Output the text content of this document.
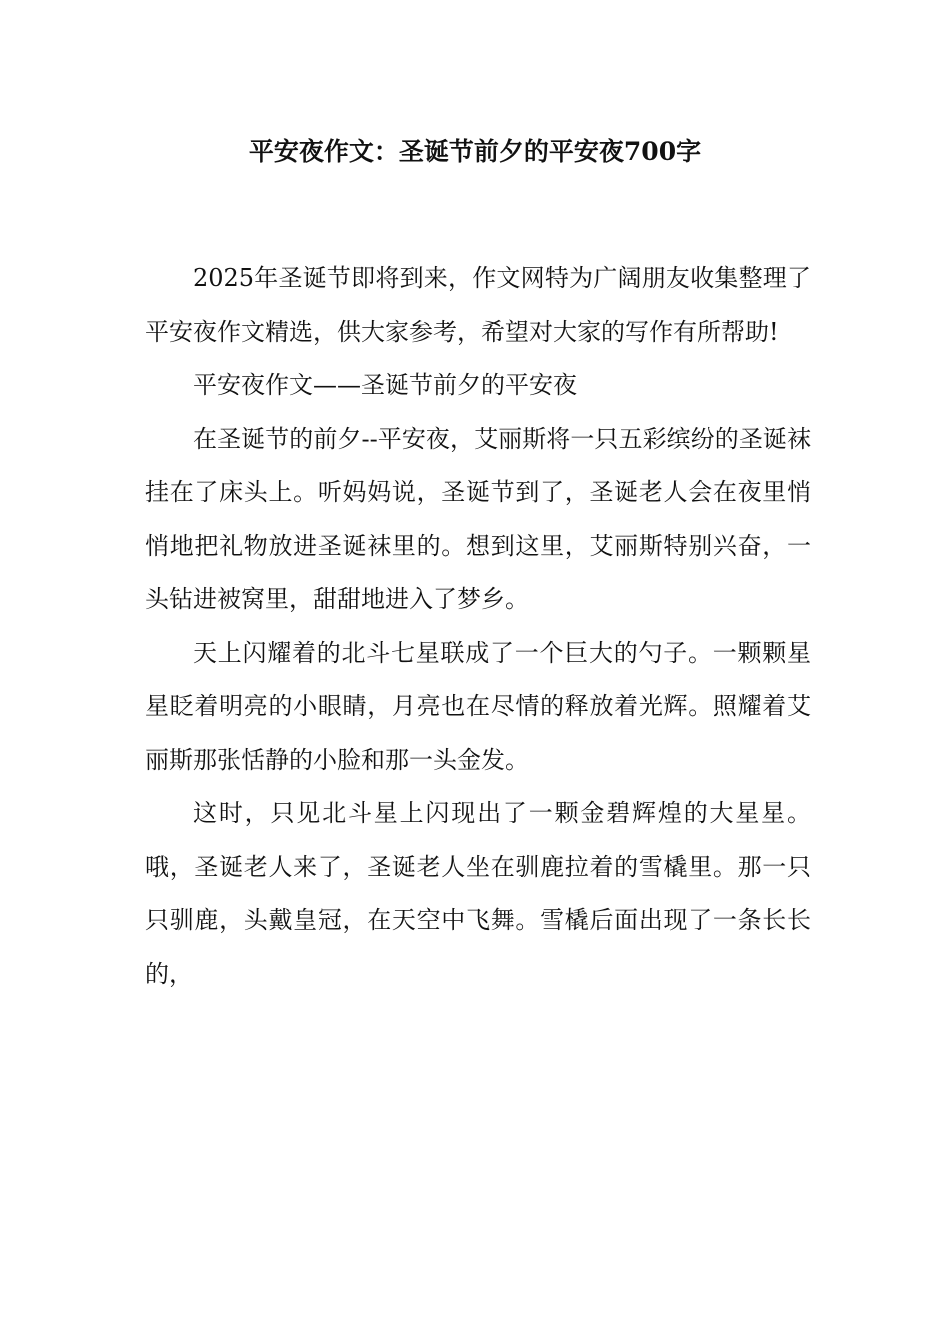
平安夜作文：圣诞节前夕的平安夜700字

2025年圣诞节即将到来，作文网特为广阔朋友收集整理了平安夜作文精选，供大家参考，希望对大家的写作有所帮助!

平安夜作文——圣诞节前夕的平安夜

在圣诞节的前夕--平安夜，艾丽斯将一只五彩缤纷的圣诞袜挂在了床头上。听妈妈说，圣诞节到了，圣诞老人会在夜里悄悄地把礼物放进圣诞袜里的。想到这里，艾丽斯特别兴奋，一头钻进被窝里，甜甜地进入了梦乡。

天上闪耀着的北斗七星联成了一个巨大的勺子。一颗颗星星眨着明亮的小眼睛，月亮也在尽情的释放着光辉。照耀着艾丽斯那张恬静的小脸和那一头金发。

这时，只见北斗星上闪现出了一颗金碧辉煌的大星星。哦，圣诞老人来了，圣诞老人坐在驯鹿拉着的雪橇里。那一只只驯鹿，头戴皇冠，在天空中飞舞。雪橇后面出现了一条长长的，
